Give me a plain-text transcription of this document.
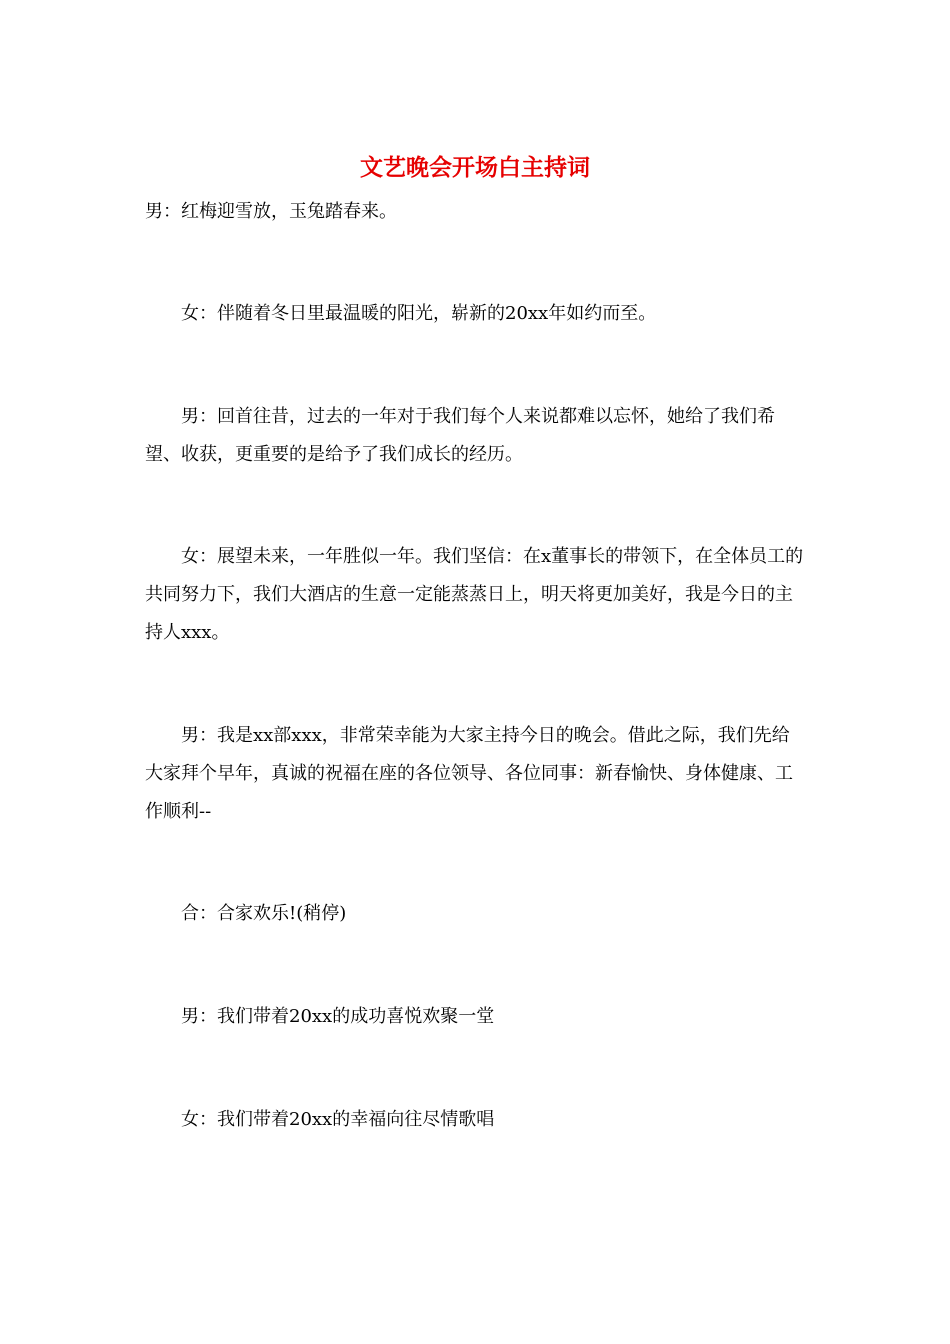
文艺晚会开场白主持词

男：红梅迎雪放，玉兔踏春来。

女：伴随着冬日里最温暖的阳光，崭新的20xx年如约而至。

男：回首往昔，过去的一年对于我们每个人来说都难以忘怀，她给了我们希望、收获，更重要的是给予了我们成长的经历。

女：展望未来，一年胜似一年。我们坚信：在x董事长的带领下，在全体员工的共同努力下，我们大酒店的生意一定能蒸蒸日上，明天将更加美好，我是今日的主持人xxx。

男：我是xx部xxx，非常荣幸能为大家主持今日的晚会。借此之际，我们先给大家拜个早年，真诚的祝福在座的各位领导、各位同事：新春愉快、身体健康、工作顺利--

合：合家欢乐!(稍停)

男：我们带着20xx的成功喜悦欢聚一堂

女：我们带着20xx的幸福向往尽情歌唱
